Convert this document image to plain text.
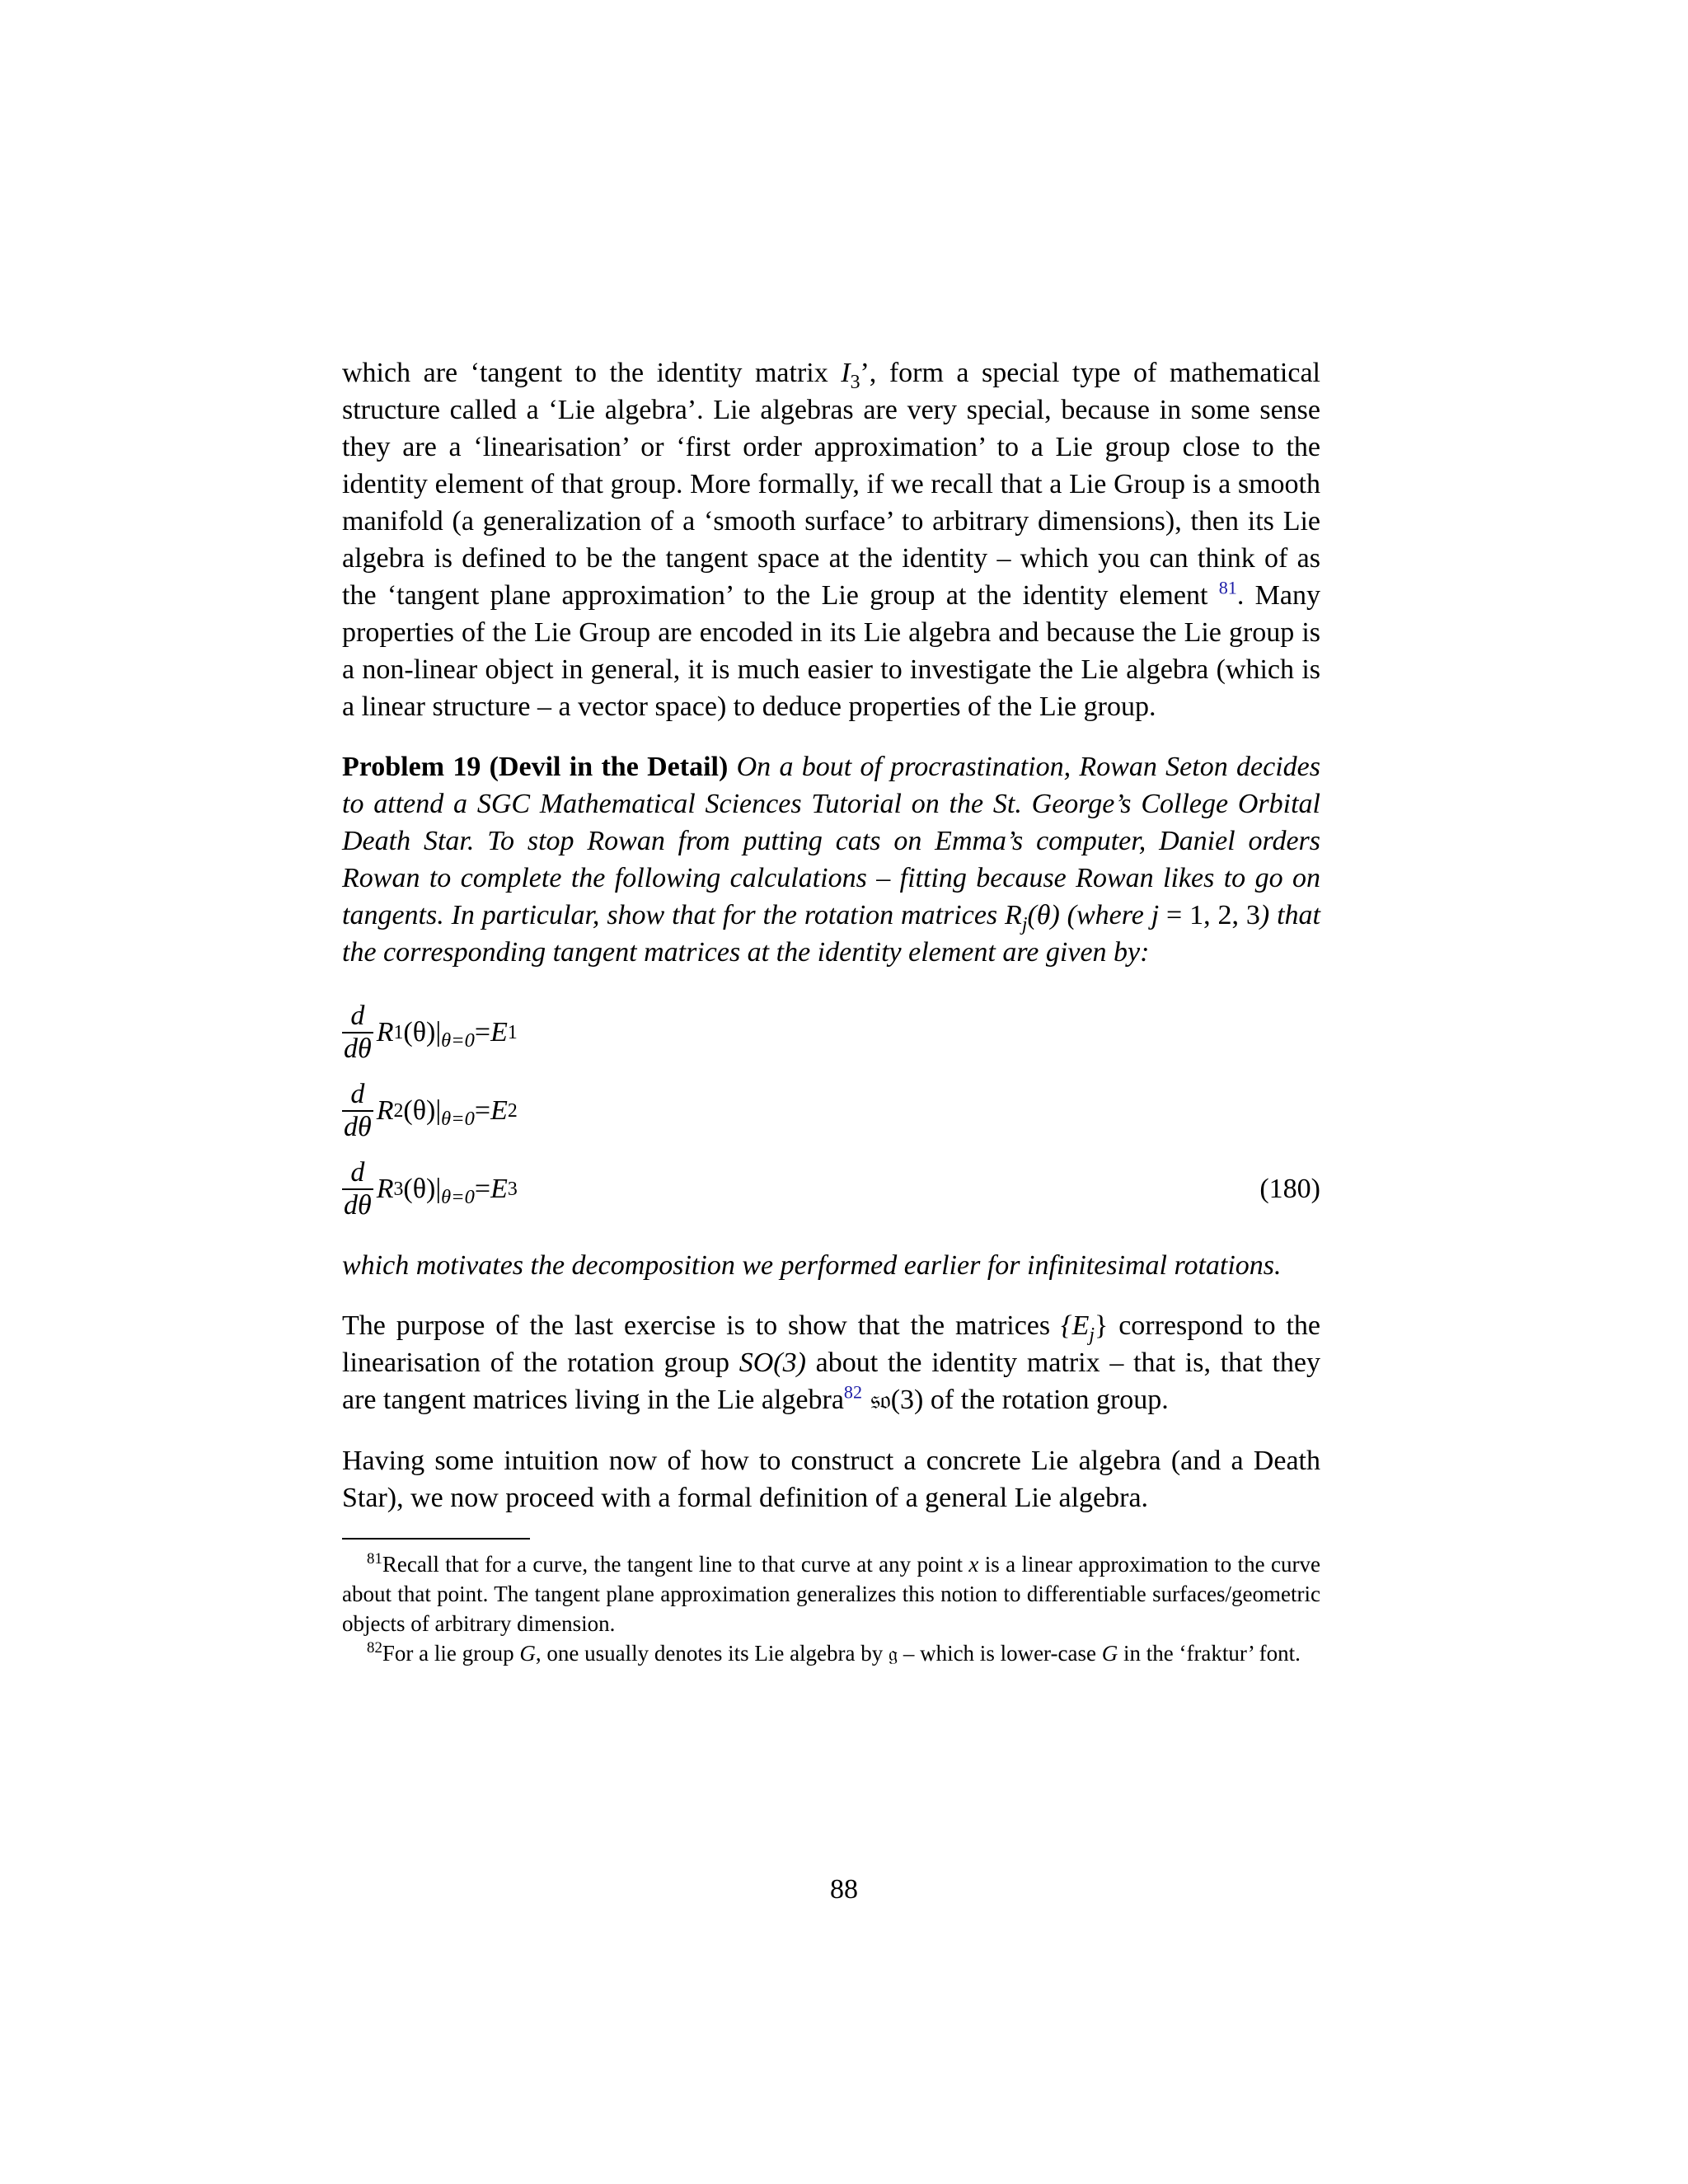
which are ‘tangent to the identity matrix $I_3$’, form a special type of mathematical structure called a ‘Lie algebra’. Lie algebras are very special, because in some sense they are a ‘linearisation’ or ‘first order approximation’ to a Lie group close to the identity element of that group. More formally, if we recall that a Lie Group is a smooth manifold (a generalization of a ‘smooth surface’ to arbitrary dimensions), then its Lie algebra is defined to be the tangent space at the identity – which you can think of as the ‘tangent plane approximation’ to the Lie group at the identity element $^{81}$. Many properties of the Lie Group are encoded in its Lie algebra and because the Lie group is a non-linear object in general, it is much easier to investigate the Lie algebra (which is a linear structure – a vector space) to deduce properties of the Lie group.

Problem 19 (Devil in the Detail) On a bout of procrastination, Rowan Seton decides to attend a SGC Mathematical Sciences Tutorial on the St. George’s College Orbital Death Star. To stop Rowan from putting cats on Emma’s computer, Daniel orders Rowan to complete the following calculations – fitting because Rowan likes to go on tangents. In particular, show that for the rotation matrices $R_j(\theta)$ (where j = 1, 2, 3) that the corresponding tangent matrices at the identity element are given by:

$\frac{d}{d\theta}$ R 1 (θ)| θ=0 = E 1
$\frac{d}{d\theta}$ R 2 (θ)| θ=0 = E 2
$\frac{d}{d\theta}$ R 3 (θ)| θ=0 = E 3	(180)

which motivates the decomposition we performed earlier for infinitesimal rotations.

The purpose of the last exercise is to show that the matrices $\{E_j\}$ correspond to the linearisation of the rotation group SO(3) about the identity matrix – that is, that they are tangent matrices living in the Lie algebra$^{82}$ 𝔰𝔬(3) of the rotation group.

Having some intuition now of how to construct a concrete Lie algebra (and a Death Star), we now proceed with a formal definition of a general Lie algebra.

$^{81}$Recall that for a curve, the tangent line to that curve at any point x is a linear approximation to the curve about that point. The tangent plane approximation generalizes this notion to differentiable surfaces/geometric objects of arbitrary dimension.

$^{82}$For a lie group G, one usually denotes its Lie algebra by 𝔤 – which is lower-case G in the ‘fraktur’ font.

88
